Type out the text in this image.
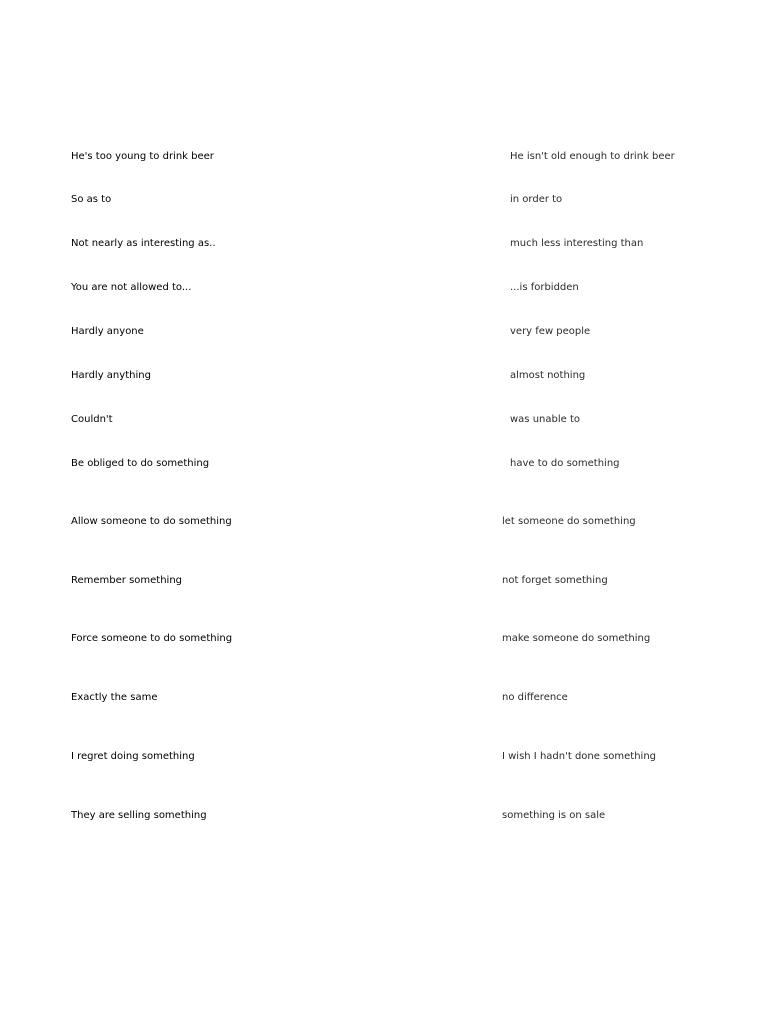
He's too young to drink beer	He isn't old enough to drink beer
So as to	in order to
Not nearly as interesting as..	much less interesting than
You are not allowed to...	...is forbidden
Hardly anyone	very few people
Hardly anything	almost nothing
Couldn't	was unable to
Be obliged to do something	have to do something
Allow someone to do something	let someone do something
Remember something	not forget something
Force someone to do something	make someone do something
Exactly the same	no difference
I regret doing something	I wish I hadn't done something
They are selling something	something is on sale
